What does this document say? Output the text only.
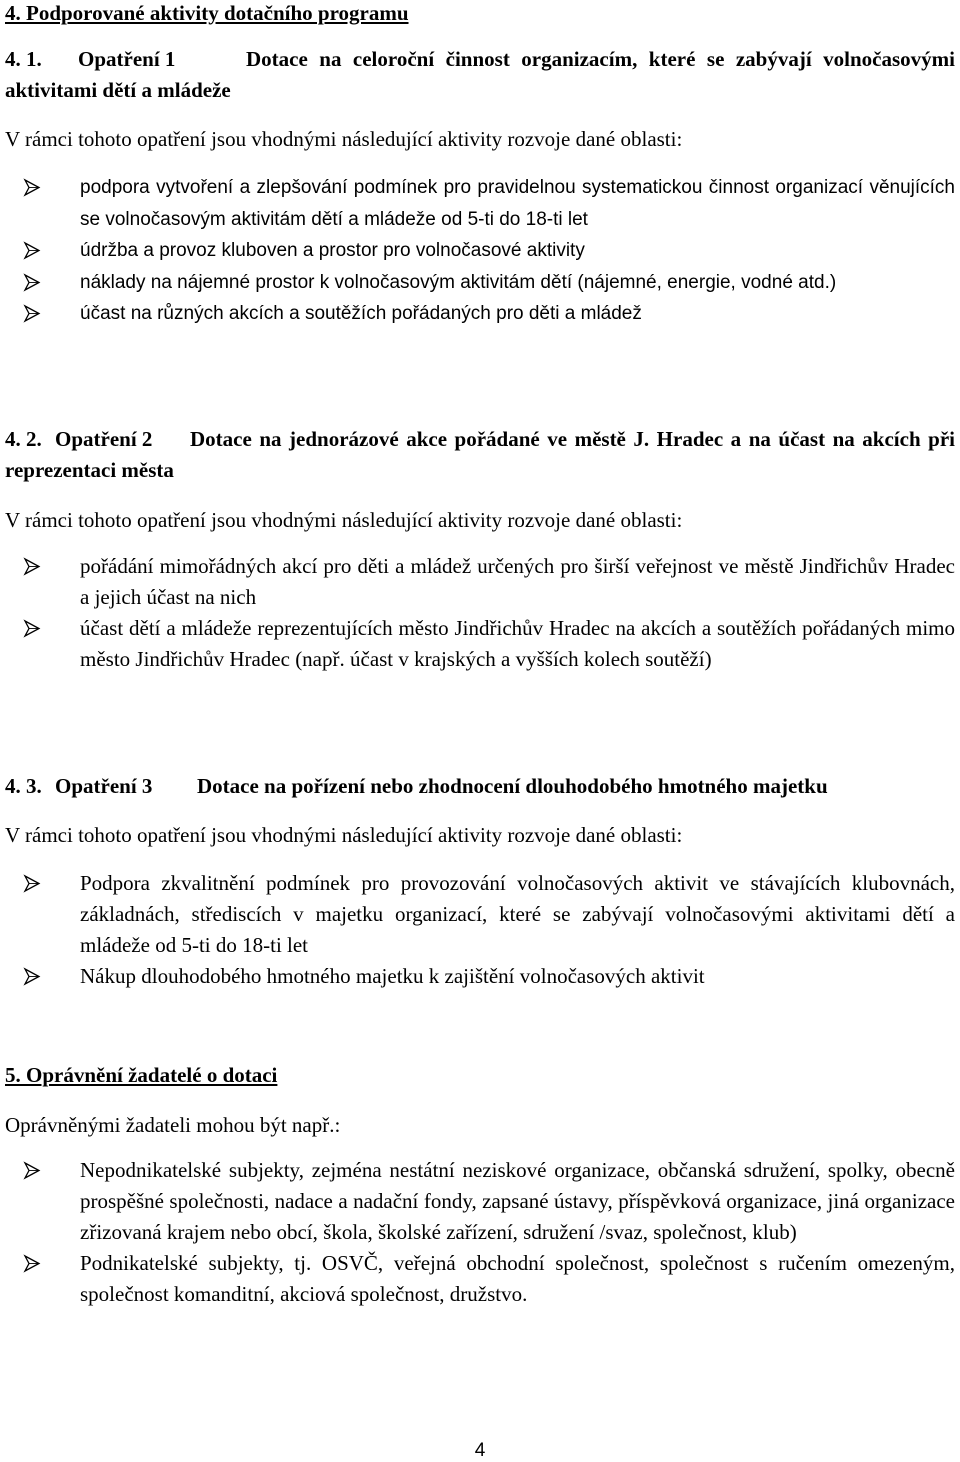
4. Podporované aktivity dotačního programu
4. 1. Opatření 1	Dotace na celoroční činnost organizacím, které se zabývají volnočasovými aktivitami dětí a mládeže
V rámci tohoto opatření jsou vhodnými následující aktivity rozvoje dané oblasti:
podpora vytvoření a zlepšování podmínek pro pravidelnou systematickou činnost organizací věnujících se volnočasovým aktivitám dětí a mládeže od 5-ti do 18-ti let
údržba a provoz kluboven a prostor pro volnočasové aktivity
náklady na nájemné prostor k volnočasovým aktivitám dětí (nájemné, energie, vodné atd.)
účast na různých akcích a soutěžích pořádaných pro děti a mládež
4. 2. Opatření 2 Dotace na jednorázové akce pořádané ve městě J. Hradec a na účast na akcích při reprezentaci města
V rámci tohoto opatření jsou vhodnými následující aktivity rozvoje dané oblasti:
pořádání mimořádných akcí pro děti a mládež určených pro širší veřejnost ve městě Jindřichův Hradec a jejich účast na nich
účast dětí a mládeže reprezentujících město Jindřichův Hradec na akcích a soutěžích pořádaných mimo město Jindřichův Hradec (např. účast v krajských a vyšších kolech soutěží)
4. 3. Opatření 3 Dotace na pořízení nebo zhodnocení dlouhodobého hmotného majetku
V rámci tohoto opatření jsou vhodnými následující aktivity rozvoje dané oblasti:
Podpora zkvalitnění podmínek pro provozování volnočasových aktivit ve stávajících klubovnách, základnách, střediscích v majetku organizací, které se zabývají volnočasovými aktivitami dětí a mládeže od 5-ti do 18-ti let
Nákup dlouhodobého hmotného majetku k zajištění volnočasových aktivit
5. Oprávnění žadatelé o dotaci
Oprávněnými žadateli mohou být např.:
Nepodnikatelské subjekty, zejména nestátní neziskové organizace, občanská sdružení, spolky, obecně prospěšné společnosti, nadace a nadační fondy, zapsané ústavy, příspěvková organizace, jiná organizace zřizovaná krajem nebo obcí, škola, školské zařízení, sdružení /svaz, společnost, klub)
Podnikatelské subjekty, tj. OSVČ, veřejná obchodní společnost, společnost s ručením omezeným, společnost komanditní, akciová společnost, družstvo.
4
